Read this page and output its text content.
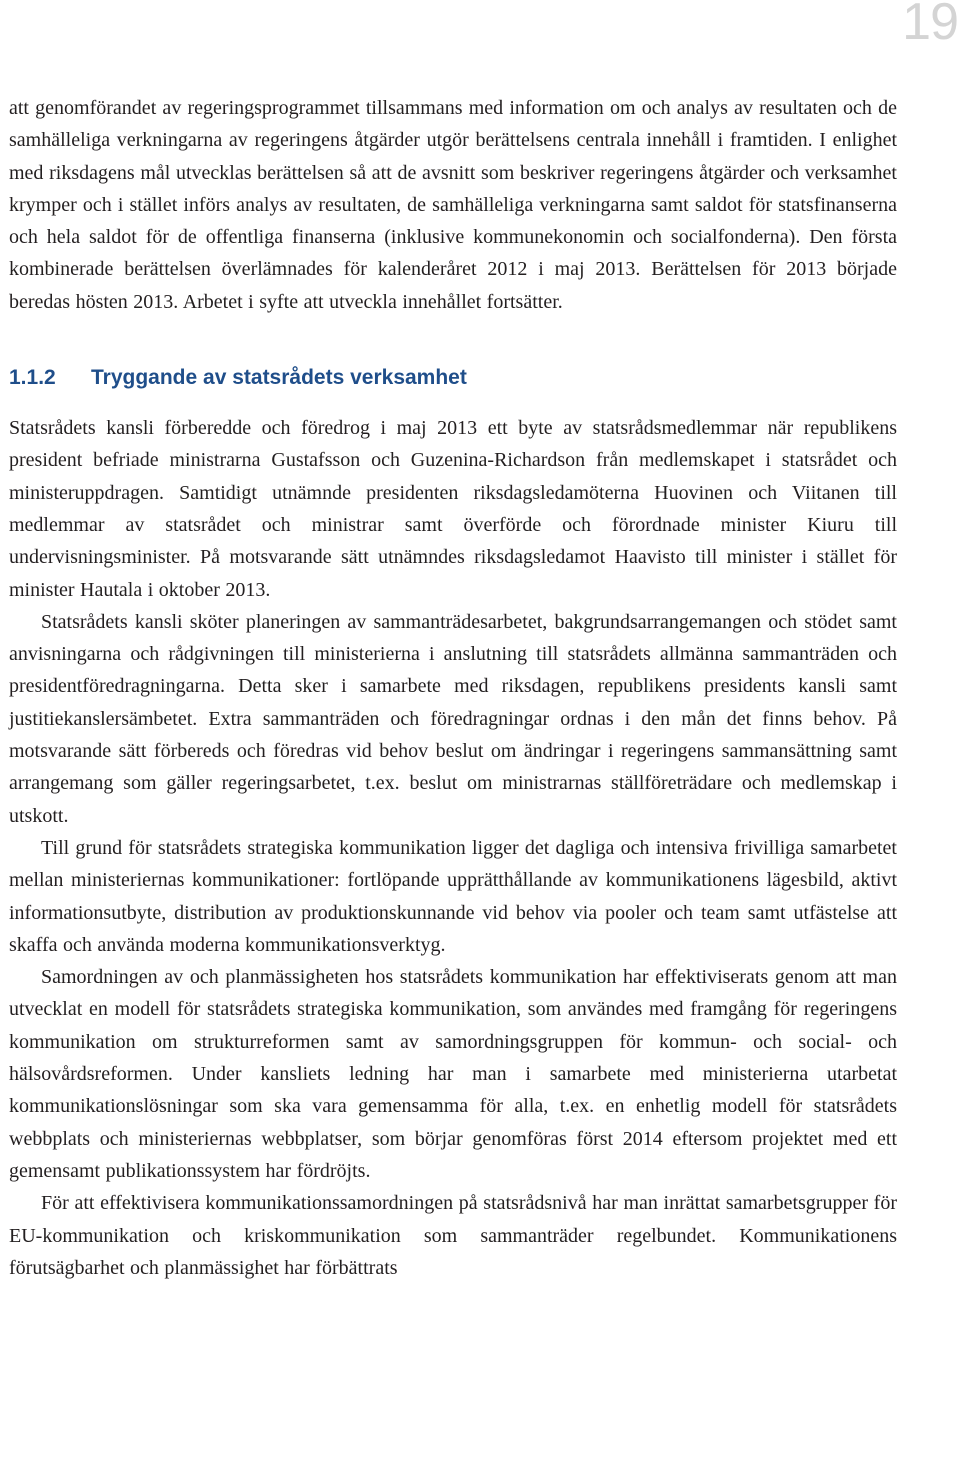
19

att genomförandet av regeringsprogrammet tillsammans med information om och analys av resultaten och de samhälleliga verkningarna av regeringens åtgärder utgör berättelsens centrala innehåll i framtiden. I enlighet med riksdagens mål utvecklas berättelsen så att de avsnitt som beskriver regeringens åtgärder och verksamhet krymper och i stället införs analys av resultaten, de samhälleliga verkningarna samt saldot för statsfinanserna och hela saldot för de offentliga finanserna (inklusive kommunekonomin och socialfonderna). Den första kombinerade berättelsen överlämnades för kalenderåret 2012 i maj 2013. Berättelsen för 2013 började beredas hösten 2013. Arbetet i syfte att utveckla innehållet fortsätter.

1.1.2	Tryggande av statsrådets verksamhet

Statsrådets kansli förberedde och föredrog i maj 2013 ett byte av statsrådsmedlemmar när republikens president befriade ministrarna Gustafsson och Guzenina-Richardson från medlemskapet i statsrådet och ministeruppdragen. Samtidigt utnämnde presidenten riksdagsledamöterna Huovinen och Viitanen till medlemmar av statsrådet och ministrar samt överförde och förordnade minister Kiuru till undervisningsminister. På motsvarande sätt utnämndes riksdagsledamot Haavisto till minister i stället för minister Hautala i oktober 2013.

Statsrådets kansli sköter planeringen av sammanträdesarbetet, bakgrundsarrangemangen och stödet samt anvisningarna och rådgivningen till ministerierna i anslutning till statsrådets allmänna sammanträden och presidentföredragningarna. Detta sker i samarbete med riksdagen, republikens presidents kansli samt justitiekanslersämbetet. Extra sammanträden och föredragningar ordnas i den mån det finns behov. På motsvarande sätt förbereds och föredras vid behov beslut om ändringar i regeringens sammansättning samt arrangemang som gäller regeringsarbetet, t.ex. beslut om ministrarnas ställföreträdare och medlemskap i utskott.

Till grund för statsrådets strategiska kommunikation ligger det dagliga och intensiva frivilliga samarbetet mellan ministeriernas kommunikationer: fortlöpande upprätthållande av kommunikationens lägesbild, aktivt informationsutbyte, distribution av produktionskunnande vid behov via pooler och team samt utfästelse att skaffa och använda moderna kommunikationsverktyg.

Samordningen av och planmässigheten hos statsrådets kommunikation har effektiviserats genom att man utvecklat en modell för statsrådets strategiska kommunikation, som användes med framgång för regeringens kommunikation om strukturreformen samt av samordningsgruppen för kommun- och social- och hälsovårdsreformen. Under kansliets ledning har man i samarbete med ministerierna utarbetat kommunikationslösningar som ska vara gemensamma för alla, t.ex. en enhetlig modell för statsrådets webbplats och ministeriernas webbplatser, som börjar genomföras först 2014 eftersom projektet med ett gemensamt publikationssystem har fördröjts.

För att effektivisera kommunikationssamordningen på statsrådsnivå har man inrättat samarbetsgrupper för EU-kommunikation och kriskommunikation som sammanträder regelbundet. Kommunikationens förutsägbarhet och planmässighet har förbättrats
